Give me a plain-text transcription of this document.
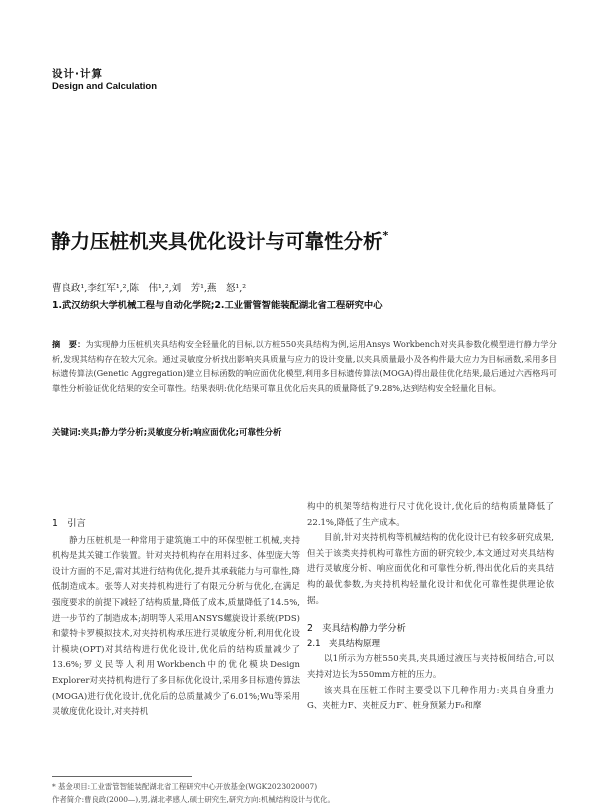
设计·计算
Design and Calculation
静力压桩机夹具优化设计与可靠性分析*
曹良政¹,李红军¹,²,陈　伟¹,²,刘　芳¹,燕　怒¹,²
1.武汉纺织大学机械工程与自动化学院;2.工业雷管智能装配湖北省工程研究中心
摘　要：为实现静力压桩机夹具结构安全轻量化的目标,以方桩550夹具结构为例,运用Ansys Workbench对夹具参数化模型进行静力学分析,发现其结构存在较大冗余。通过灵敏度分析找出影响夹具质量与应力的设计变量,以夹具质量最小及各构件最大应力为目标函数,采用多目标遗传算法(Genetic Aggregation)建立目标函数的响应面优化模型,利用多目标遗传算法(MOGA)得出最佳优化结果,最后通过六西格玛可靠性分析验证优化结果的安全可靠性。结果表明:优化结果可靠且优化后夹具的质量降低了9.28%,达到结构安全轻量化目标。
关键词:夹具;静力学分析;灵敏度分析;响应面优化;可靠性分析
1　引言
静力压桩机是一种常用于建筑施工中的环保型桩工机械,夹持机构是其关键工作装置。针对夹持机构存在用料过多、体型庞大等设计方面的不足,需对其进行结构优化,提升其承载能力与可靠性,降低制造成本。张等人对夹持机构进行了有限元分析与优化,在满足强度要求的前提下减轻了结构质量,降低了成本,质量降低了14.5%,进一步节约了制造成本;胡明等人采用ANSYS螺旋设计系统(PDS)和蒙特卡罗模拟技术,对夹持机构承压进行灵敏度分析,利用优化设计模块(OPT)对其结构进行优化设计,优化后的结构质量减少了13.6%;罗义民等人利用Workbench中的优化模块Design Explorer对夹持机构进行了多目标优化设计,采用多目标遗传算法(MOGA)进行优化设计,优化后的总质量减少了6.01%;Wu等采用灵敏度优化设计,对夹持机
构中的机架等结构进行尺寸优化设计,优化后的结构质量降低了22.1%,降低了生产成本。
目前,针对夹持机构等机械结构的优化设计已有较多研究成果,但关于该类夹持机构可靠性方面的研究较少,本文通过对夹具结构进行灵敏度分析、响应面优化和可靠性分析,得出优化后的夹具结构的最优参数,为夹持机构轻量化设计和优化可靠性提供理论依据。
2　夹具结构静力学分析
2.1　夹具结构原理
以1所示为方桩550夹具,夹具通过液压与夹持板间结合,可以夹持对边长为550mm方桩的压力。
该夹具在压桩工作时主要受以下几种作用力:夹具自身重力G、夹桩力F、夹桩反力F′、桩身预紧力F₀和摩
* 基金项目:工业雷管智能装配湖北省工程研究中心开放基金(WGK2023020007)
作者简介:曹良政(2000—),男,湖北孝感人,硕士研究生,研究方向:机械结构设计与优化。
